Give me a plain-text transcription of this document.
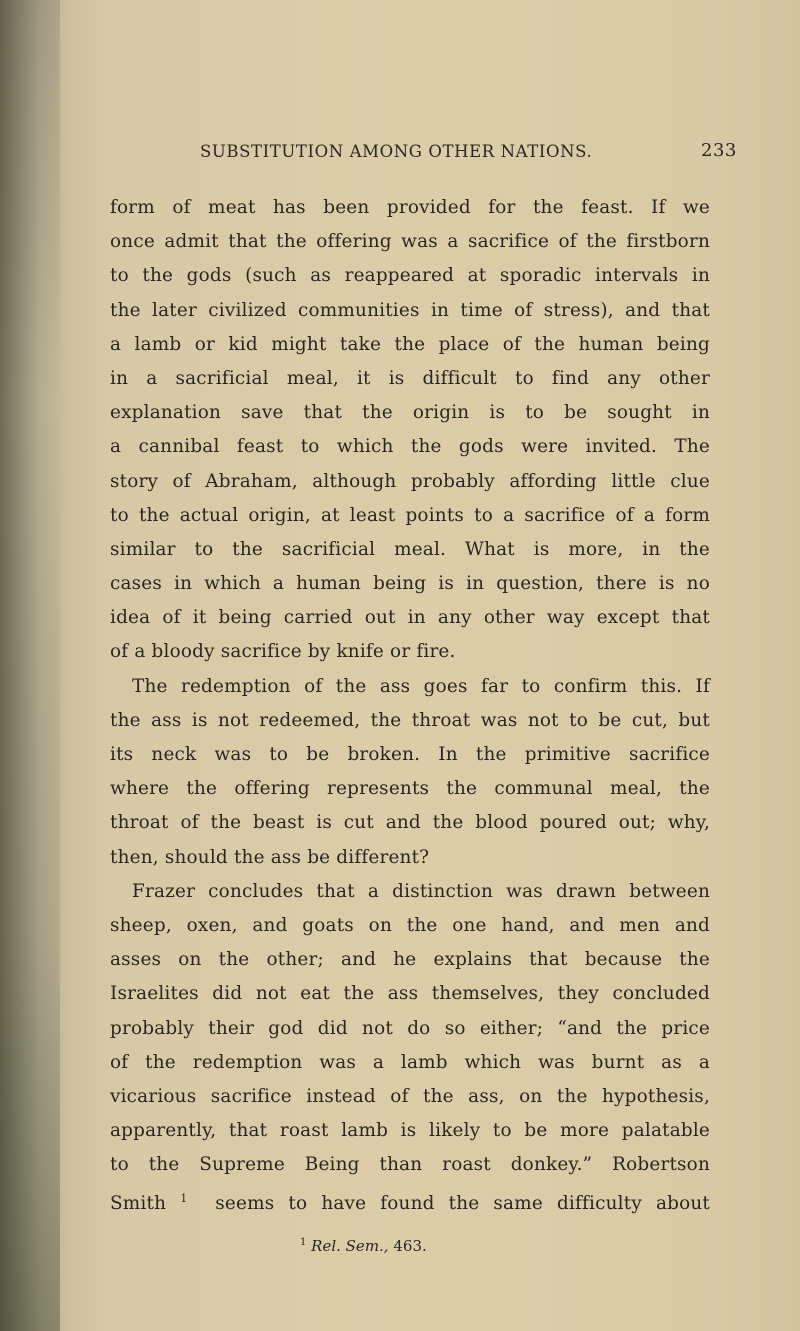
SUBSTITUTION AMONG OTHER NATIONS.	233
form of meat has been provided for the feast. If we
once admit that the offering was a sacrifice of the firstborn
to the gods (such as reappeared at sporadic intervals in
the later civilized communities in time of stress), and that
a lamb or kid might take the place of the human being
in a sacrificial meal, it is difficult to find any other
explanation save that the origin is to be sought in
a cannibal feast to which the gods were invited. The
story of Abraham, although probably affording little clue
to the actual origin, at least points to a sacrifice of a form
similar to the sacrificial meal. What is more, in the
cases in which a human being is in question, there is no
idea of it being carried out in any other way except that
of a bloody sacrifice by knife or fire.
The redemption of the ass goes far to confirm this. If
the ass is not redeemed, the throat was not to be cut, but
its neck was to be broken. In the primitive sacrifice
where the offering represents the communal meal, the
throat of the beast is cut and the blood poured out; why,
then, should the ass be different?
Frazer concludes that a distinction was drawn between
sheep, oxen, and goats on the one hand, and men and
asses on the other; and he explains that because the
Israelites did not eat the ass themselves, they concluded
probably their god did not do so either; “and the price
of the redemption was a lamb which was burnt as a
vicarious sacrifice instead of the ass, on the hypothesis,
apparently, that roast lamb is likely to be more palatable
to the Supreme Being than roast donkey.” Robertson
Smith $^1$ seems to have found the same difficulty about
$^1$ Rel. Sem., 463.
